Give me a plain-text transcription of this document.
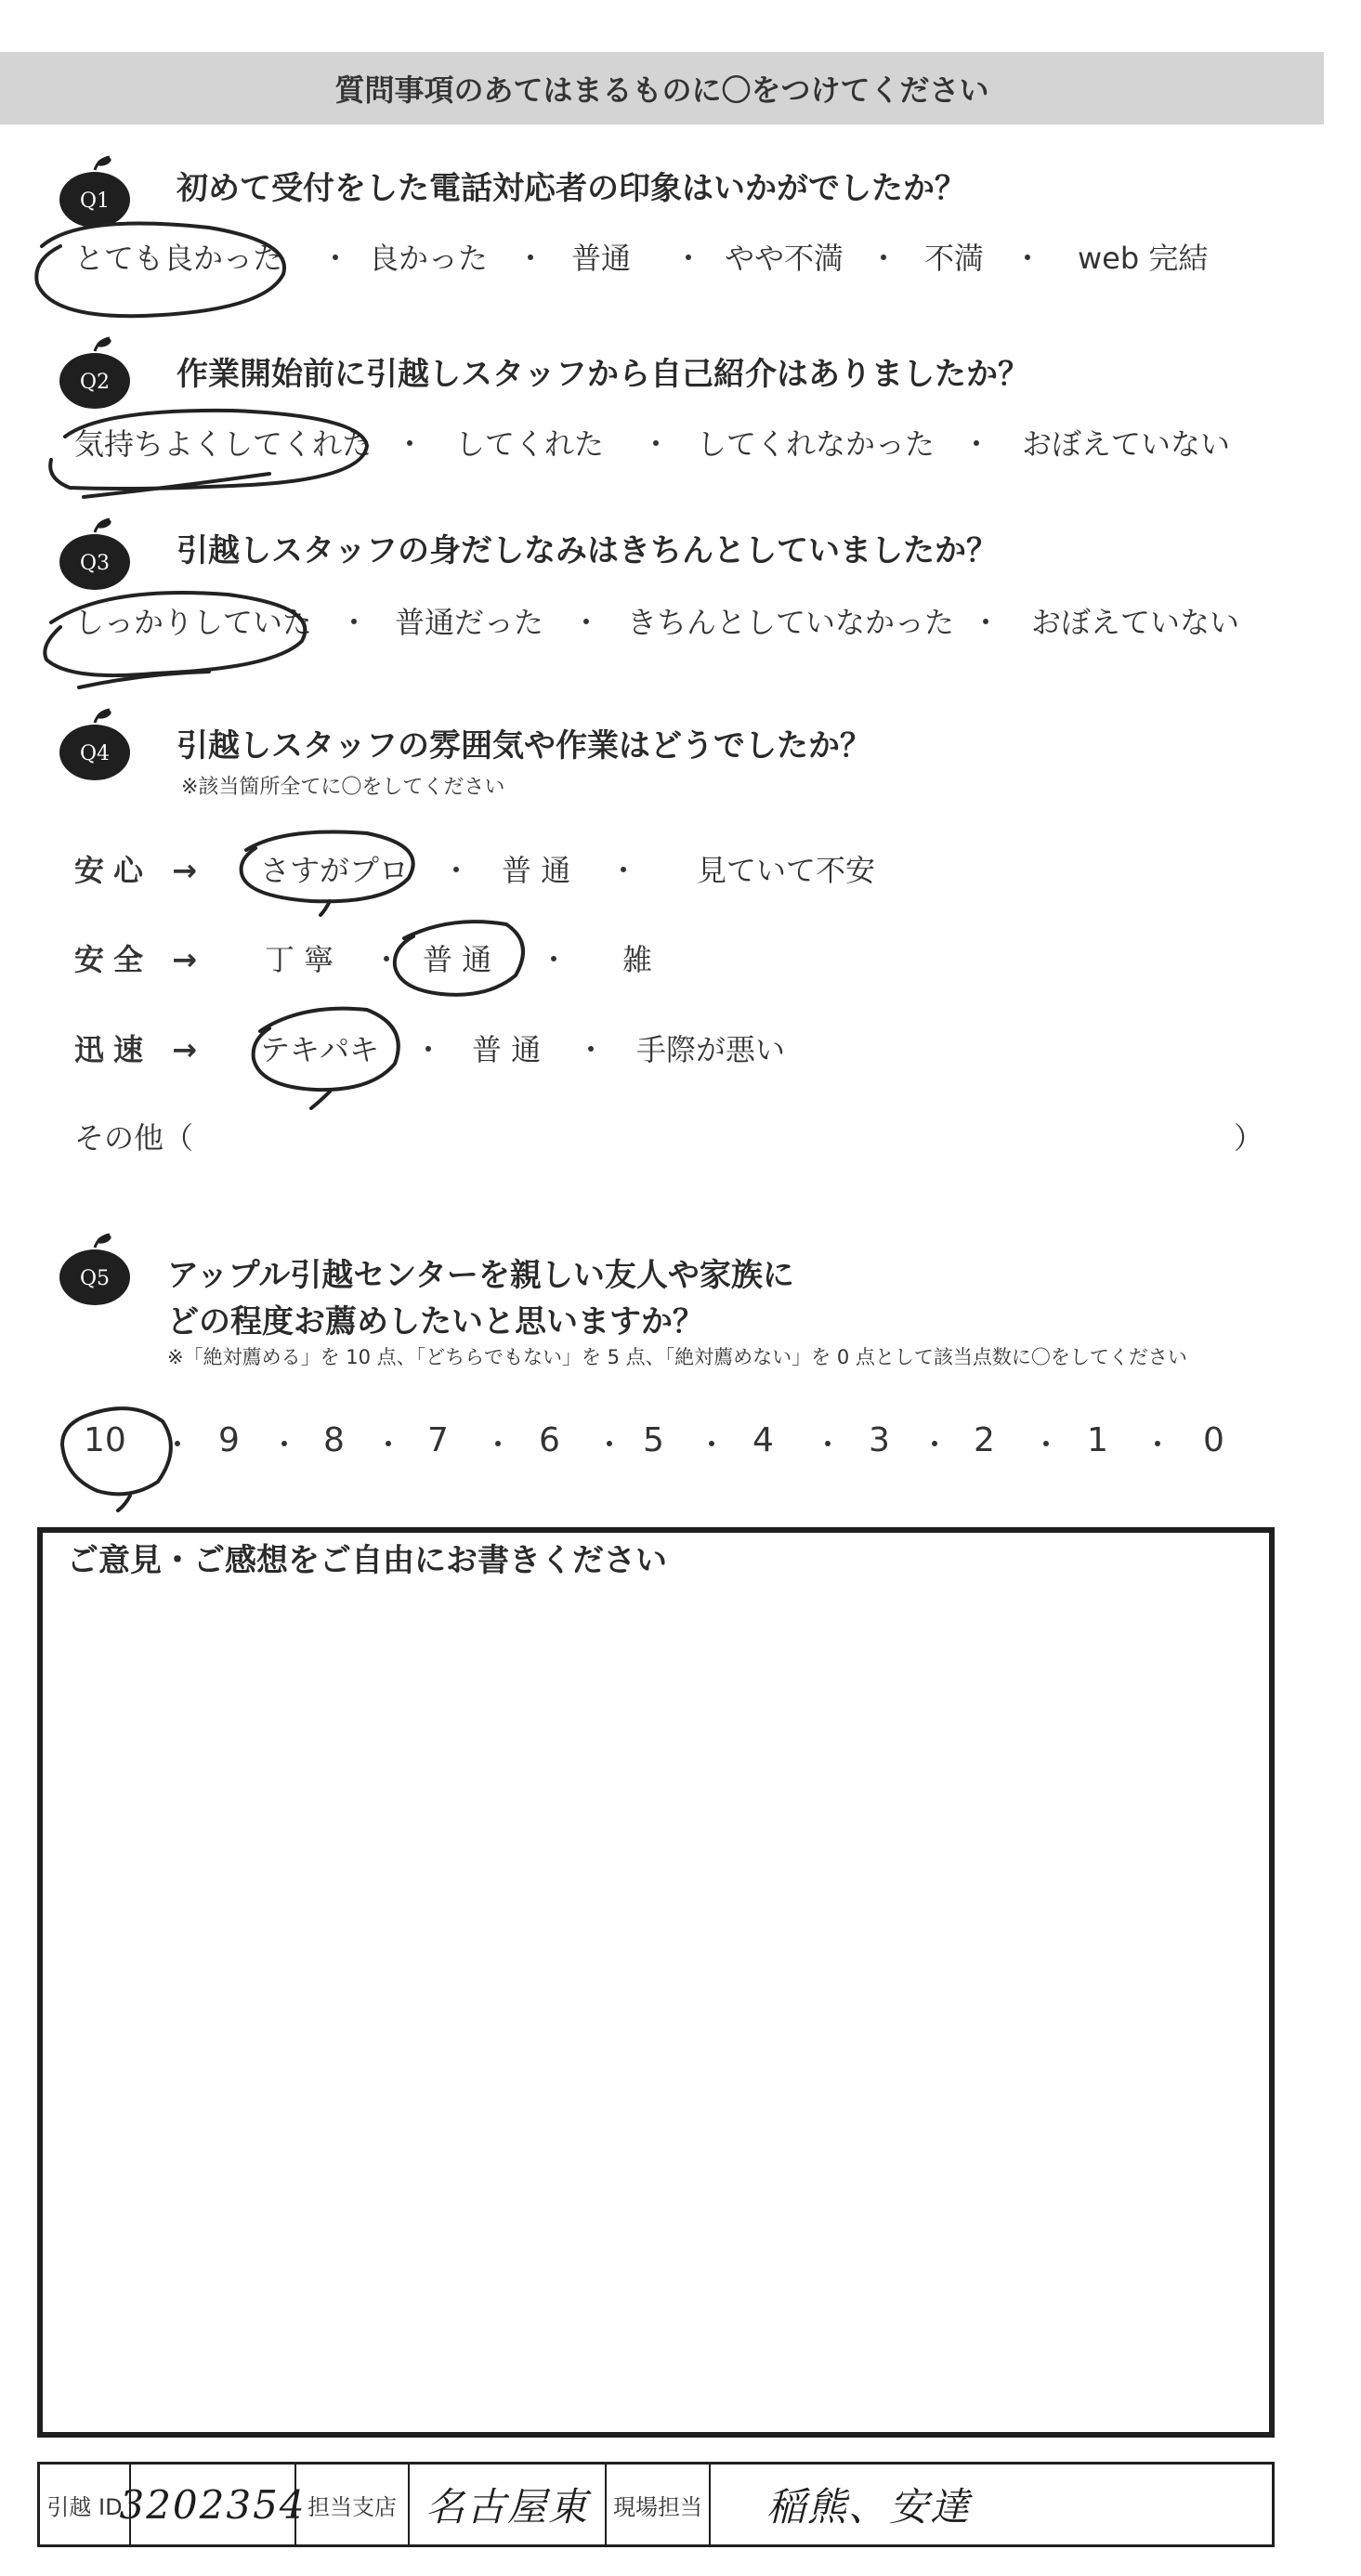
質問事項のあてはまるものに〇をつけてください
Q1 初めて受付をした電話対応者の印象はいかがでしたか？
とても良かった ・ 良かった ・ 普通 ・ やや不満 ・ 不満 ・ web 完結
Q2 作業開始前に引越しスタッフから自己紹介はありましたか？
気持ちよくしてくれた ・ してくれた ・ してくれなかった ・ おぼえていない
Q3 引越しスタッフの身だしなみはきちんとしていましたか？
しっかりしていた ・ 普通だった ・ きちんとしていなかった ・ おぼえていない
Q4 引越しスタッフの雰囲気や作業はどうでしたか？
※該当箇所全てに〇をしてください
安心 → さすがプロ ・ 普 通 ・ 見ていて不安
安全 → 丁 寧 ・ 普 通 ・ 雑
迅速 → テキパキ ・ 普 通 ・ 手際が悪い
その他（	）
Q5 アップル引越センターを親しい友人や家族に
どの程度お薦めしたいと思いますか？
※「絶対薦める」を 10 点、「どちらでもない」を 5 点、「絶対薦めない」を 0 点として該当点数に〇をしてください
10 ・ 9 ・ 8 ・ 7 ・ 6 ・ 5 ・ 4 ・ 3 ・ 2 ・ 1 ・ 0
ご意見・ご感想をご自由にお書きください
引越 ID
3202354 担当支店 名古屋東 現場担当 稲熊、安達
